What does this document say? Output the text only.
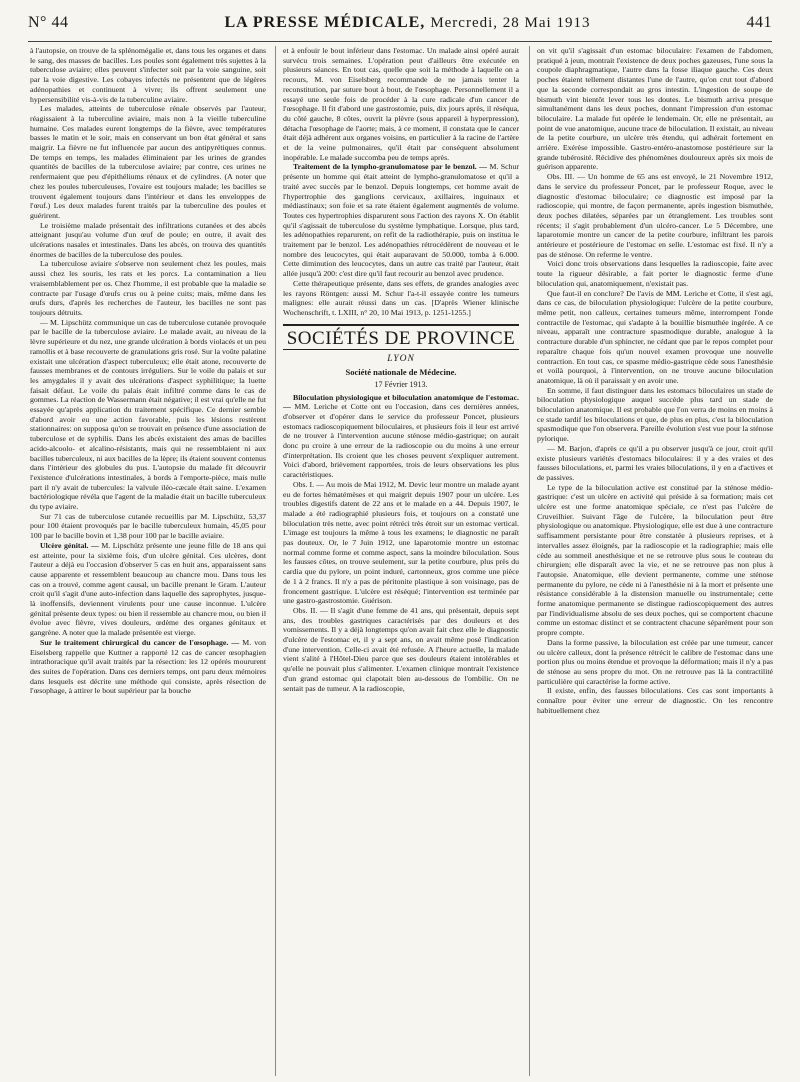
N° 44	LA PRESSE MÉDICALE, Mercredi, 28 Mai 1913	441

à l'autopsie, on trouve de la splénomégalie et, dans tous les organes et dans le sang, des masses de bacilles. Les poules sont également très sujettes à la tuberculose aviaire; elles peuvent s'infecter soit par la voie sanguine, soit par la voie digestive. Les cobayes infectés ne présentent que de légères adénopathies et continuent à vivre; ils offrent seulement une hypersensibilité vis-à-vis de la tuberculine aviaire.

Les malades, atteints de tuberculose rénale observés par l'auteur, réagissaient à la tuberculine aviaire, mais non à la vieille tuberculine humaine. Ces malades eurent longtemps de la fièvre, avec températures basses le matin et le soir, mais en conservant un bon état général et sans maigrir. La fièvre ne fut influencée par aucun des antipyrétiques connus. De temps en temps, les malades éliminaient par les urines de grandes quantités de bacilles de la tuberculose aviaire; par contre, ces urines ne renfermaient que peu d'épithéliums rénaux et de cylindres. (A noter que chez les poules tuberculeuses, l'ovaire est toujours malade; les bacilles se trouvent également toujours dans l'intérieur et dans les enveloppes de l'œuf.) Les deux malades furent traités par la tuberculine des poules et guérirent.

Le troisième malade présentait des infiltrations cutanées et des abcès atteignant jusqu'au volume d'un œuf de poule; en outre, il avait des ulcérations nasales et intestinales. Dans les abcès, on trouva des quantités énormes de bacilles de la tuberculose des poules.

La tuberculose aviaire s'observe non seulement chez les poules, mais aussi chez les souris, les rats et les porcs. La contamination a lieu vraisemblablement per os. Chez l'homme, il est probable que la maladie se contracte par l'usage d'œufs crus ou à peine cuits; mais, même dans les œufs durs, d'après les recherches de l'auteur, les bacilles ne sont pas toujours détruits.

— M. Lipschütz communique un cas de tuberculose cutanée provoquée par le bacille de la tuberculose aviaire. Le malade avait, au niveau de la lèvre supérieure et du nez, une grande ulcération à bords violacés et un peu ramollis et à base recouverte de granulations gris rosé. Sur la voûte palatine existait une ulcération d'aspect tuberculeux; elle était atone, recouverte de fausses membranes et de contours irréguliers. Sur le voile du palais et sur les amygdales il y avait des ulcérations d'aspect syphilitique; la luette faisait défaut. Le voile du palais était infiltré comme dans le cas de gommes. La réaction de Wassermann était négative; il est vrai qu'elle ne fut essayée qu'après application du traitement spécifique. Ce dernier semble d'abord avoir eu une action favorable, puis les lésions restèrent stationnaires: on supposa qu'on se trouvait en présence d'une association de tuberculose et de syphilis. Dans les abcès existaient des amas de bacilles acido-alcoolo- et alcalino-résistants, mais qui ne ressemblaient ni aux bacilles tuberculeux, ni aux bacilles de la lèpre; ils étaient souvent contenus dans l'intérieur des globules du pus. L'autopsie du malade fit découvrir l'existence d'ulcérations intestinales, à bords à l'emporte-pièce, mais nulle part il n'y avait de tubercules: la valvule iléo-cæcale était saine. L'examen bactériologique révéla que l'agent de la maladie était un bacille tuberculeux du type aviaire.

Sur 71 cas de tuberculose cutanée recueillis par M. Lipschütz, 53,37 pour 100 étaient provoqués par le bacille tuberculeux humain, 45,05 pour 100 par le bacille bovin et 1,38 pour 100 par le bacille aviaire.

Ulcère génital. — M. Lipschütz présente une jeune fille de 18 ans qui est atteinte, pour la sixième fois, d'un ulcère génital. Ces ulcères, dont l'auteur a déjà eu l'occasion d'observer 5 cas en huit ans, apparaissent sans cause apparente et ressemblent beaucoup au chancre mou. Dans tous les cas on a trouvé, comme agent causal, un bacille prenant le Gram. L'auteur croit qu'il s'agit d'une auto-infection dans laquelle des saprophytes, jusque-là inoffensifs, deviennent virulents pour une cause inconnue. L'ulcère génital présente deux types: ou bien il ressemble au chancre mou, ou bien il évolue avec fièvre, vives douleurs, œdème des organes génitaux et gangrène. A noter que la malade présentée est vierge.

Sur le traitement chirurgical du cancer de l'œsophage. — M. von Eiselsberg rappelle que Kuttner a rapporté 12 cas de cancer œsophagien intrathoracique qu'il avait traités par la résection: les 12 opérés moururent des suites de l'opération. Dans ces derniers temps, ont paru deux mémoires dans lesquels est décrite une méthode qui consiste, après résection de l'œsophage, à attirer le bout supérieur par la bouche

et à enfouir le bout inférieur dans l'estomac. Un malade ainsi opéré aurait survécu trois semaines. L'opération peut d'ailleurs être exécutée en plusieurs séances. En tout cas, quelle que soit la méthode à laquelle on a recours, M. von Eiselsberg recommande de ne jamais tenter la reconstitution, par suture bout à bout, de l'œsophage. Personnellement il a essayé une seule fois de procéder à la cure radicale d'un cancer de l'œsophage. Il fit d'abord une gastrostomie, puis, dix jours après, il réséqua, du côté gauche, 8 côtes, ouvrit la plèvre (sous appareil à hyperpression), détacha l'œsophage de l'aorte; mais, à ce moment, il constata que le cancer était déjà adhérent aux organes voisins, en particulier à la racine de l'artère et de la veine pulmonaires, qu'il était par conséquent absolument inopérable. Le malade succomba peu de temps après.

Traitement de la lympho-granulomatose par le benzol. — M. Schur présente un homme qui était atteint de lympho-granulomatose et qu'il a traité avec succès par le benzol. Depuis longtemps, cet homme avait de l'hypertrophie des ganglions cervicaux, axillaires, inguinaux et médiastinaux; son foie et sa rate étaient également augmentés de volume. Toutes ces hypertrophies disparurent sous l'action des rayons X. On établit qu'il s'agissait de tuberculose du système lymphatique. Lorsque, plus tard, les adénopathies reparurent, on refit de la radiothérapie, puis on institua le traitement par le benzol. Les adénopathies rétrocédèrent de nouveau et le nombre des leucocytes, qui était auparavant de 50.000, tomba à 6.000. Cette diminution des leucocytes, dans un autre cas traité par l'auteur, était allée jusqu'à 200: c'est dire qu'il faut recourir au benzol avec prudence.

Cette thérapeutique présente, dans ses effets, de grandes analogies avec les rayons Röntgen: aussi M. Schur l'a-t-il essayée contre les tumeurs malignes: elle aurait réussi dans un cas. [D'après Wiener klinische Wochenschrift, t. LXIII, n° 20, 10 Mai 1913, p. 1251-1255.]

SOCIÉTÉS DE PROVINCE
LYON
Société nationale de Médecine.
17 Février 1913.

Biloculation physiologique et biloculation anatomique de l'estomac. — MM. Leriche et Cotte ont eu l'occasion, dans ces dernières années, d'observer et d'opérer dans le service du professeur Poncet, plusieurs estomacs radioscopiquement biloculaires, et plusieurs fois il leur est arrivé de ne trouver à l'intervention aucune sténose médio-gastrique; on aurait donc pu croire à une erreur de la radioscopie ou du moins à une erreur d'interprétation. Ils croient que les choses peuvent s'expliquer autrement. Voici d'abord, brièvement rapportées, trois de leurs observations les plus caractéristiques.

Obs. I. — Au mois de Mai 1912, M. Devic leur montre un malade ayant eu de fortes hématémèses et qui maigrit depuis 1907 pour un ulcère. Les troubles digestifs datent de 22 ans et le malade en a 44. Depuis 1907, le malade a été radiographié plusieurs fois, et toujours on a constaté une biloculation très nette, avec point rétréci très étroit sur un estomac vertical. L'image est toujours la même à tous les examens; le diagnostic ne paraît pas douteux. Or, le 7 Juin 1912, une laparotomie montre un estomac normal comme forme et comme aspect, sans la moindre biloculation. Sous les fausses côtes, on trouve seulement, sur la petite courbure, plus près du cardia que du pylore, un point induré, cartonneux, gros comme une pièce de 1 à 2 francs. Il n'y a pas de péritonite plastique à son voisinage, pas de froncement gastrique. L'ulcère est réséqué; l'intervention est terminée par une gastro-gastrostomie. Guérison.

Obs. II. — Il s'agit d'une femme de 41 ans, qui présentait, depuis sept ans, des troubles gastriques caractérisés par des douleurs et des vomissements. Il y a déjà longtemps qu'on avait fait chez elle le diagnostic d'ulcère de l'estomac et, il y a sept ans, on avait même posé l'indication d'une intervention. Celle-ci avait été refusée. A l'heure actuelle, la malade vient s'alité à l'Hôtel-Dieu parce que ses douleurs étaient intolérables et qu'elle ne pouvait plus s'alimenter. L'examen clinique montrait l'existence d'un grand estomac qui clapotait bien au-dessous de l'ombilic. On ne sentait pas de tumeur. A la radioscopie,

on vit qu'il s'agissait d'un estomac biloculaire: l'examen de l'abdomen, pratiqué à jeun, montrait l'existence de deux poches gazeuses, l'une sous la coupole diaphragmatique, l'autre dans la fosse iliaque gauche. Ces deux poches étaient tellement distantes l'une de l'autre, qu'on crut tout d'abord que la seconde correspondait au gros intestin. L'ingestion de soupe de bismuth vint bientôt lever tous les doutes. Le bismuth arriva presque simultanément dans les deux poches, donnant l'impression d'un estomac biloculaire. La malade fut opérée le lendemain. Or, elle ne présentait, au point de vue anatomique, aucune trace de biloculation. Il existait, au niveau de la petite courbure, un ulcère très étendu, qui adhérait fortement en arrière. Exérèse impossible. Gastro-entéro-anastomose postérieure sur la grande tubérosité. Récidive des phénomènes douloureux après six mois de guérison apparente.

Obs. III. — Un homme de 65 ans est envoyé, le 21 Novembre 1912, dans le service du professeur Poncet, par le professeur Roque, avec le diagnostic d'estomac biloculaire; ce diagnostic est imposé par la radioscopie, qui montre, de façon permanente, après ingestion bismuthée, deux poches dilatées, séparées par un étranglement. Les troubles sont récents; il s'agit probablement d'un ulcéro-cancer. Le 5 Décembre, une laparotomie montre un cancer de la petite courbure, infiltrant les parois antérieure et postérieure de l'estomac en selle. L'estomac est fixé. Il n'y a pas de sténose. On referme le ventre.

Voici donc trois observations dans lesquelles la radioscopie, faite avec toute la rigueur désirable, a fait porter le diagnostic ferme d'une biloculation qui, anatomiquement, n'existait pas.

Que faut-il en conclure? De l'avis de MM. Leriche et Cotte, il s'est agi, dans ce cas, de biloculation physiologique: l'ulcère de la petite courbure, même petit, non calleux, certaines tumeurs même, interrompent l'onde contractile de l'estomac, qui s'adapte à la bouillie bismuthée ingérée. A ce niveau, apparaît une contracture spasmodique durable, analogue à la contracture durable d'un sphincter, ne cédant que par le repos complet pour reparaître chaque fois qu'un nouvel examen provoque une nouvelle contraction. En tout cas, ce spasme médio-gastrique cède sous l'anesthésie et voilà pourquoi, à l'intervention, on ne trouve aucune biloculation anatomique, là où il paraissait y en avoir une.

En somme, il faut distinguer dans les estomacs biloculaires un stade de biloculation physiologique auquel succède plus tard un stade de biloculation anatomique. Il est probable que l'on verra de moins en moins à ce stade tardif les biloculations et que, de plus en plus, c'est la biloculation spasmodique que l'on observera. Pareille évolution s'est vue pour la sténose pylorique.

— M. Barjon, d'après ce qu'il a pu observer jusqu'à ce jour, croit qu'il existe plusieurs variétés d'estomacs biloculaires: il y a des vraies et des fausses biloculations, et, parmi les vraies biloculations, il y en a d'actives et de passives.

Le type de la biloculation active est constitué par la sténose médio-gastrique: c'est un ulcère en activité qui préside à sa formation; mais cet ulcère est une forme anatomique spéciale, ce n'est pas l'ulcère de Cruveilhier. Suivant l'âge de l'ulcère, la biloculation peut être physiologique ou anatomique. Physiologique, elle est due à une contracture suffisamment persistante pour être constatée à plusieurs reprises, et à intervalles assez éloignés, par la radioscopie et la radiographie; mais elle cède au sommeil anesthésique et ne se retrouve plus sous le couteau du chirurgien; elle disparaît avec la vie, et ne se retrouve pas non plus à l'autopsie. Anatomique, elle devient permanente, comme une sténose permanente du pylore, ne cède ni à l'anesthésie ni à la mort et présente une résistance considérable à la distension manuelle ou instrumentale; cette forme anatomique permanente se distingue radioscopiquement des autres par l'individualisme absolu de ses deux poches, qui se comportent chacune comme un estomac distinct et se contractent chacune séparément pour son propre compte.

Dans la forme passive, la biloculation est créée par une tumeur, cancer ou ulcère calleux, dont la présence rétrécit le calibre de l'estomac dans une portion plus ou moins étendue et provoque la déformation; mais il n'y a pas de sténose au sens propre du mot. On ne retrouve pas là la contractilité particulière qui caractérise la forme active.

Il existe, enfin, des fausses biloculations. Ces cas sont importants à connaître pour éviter une erreur de diagnostic. On les rencontre habituellement chez
